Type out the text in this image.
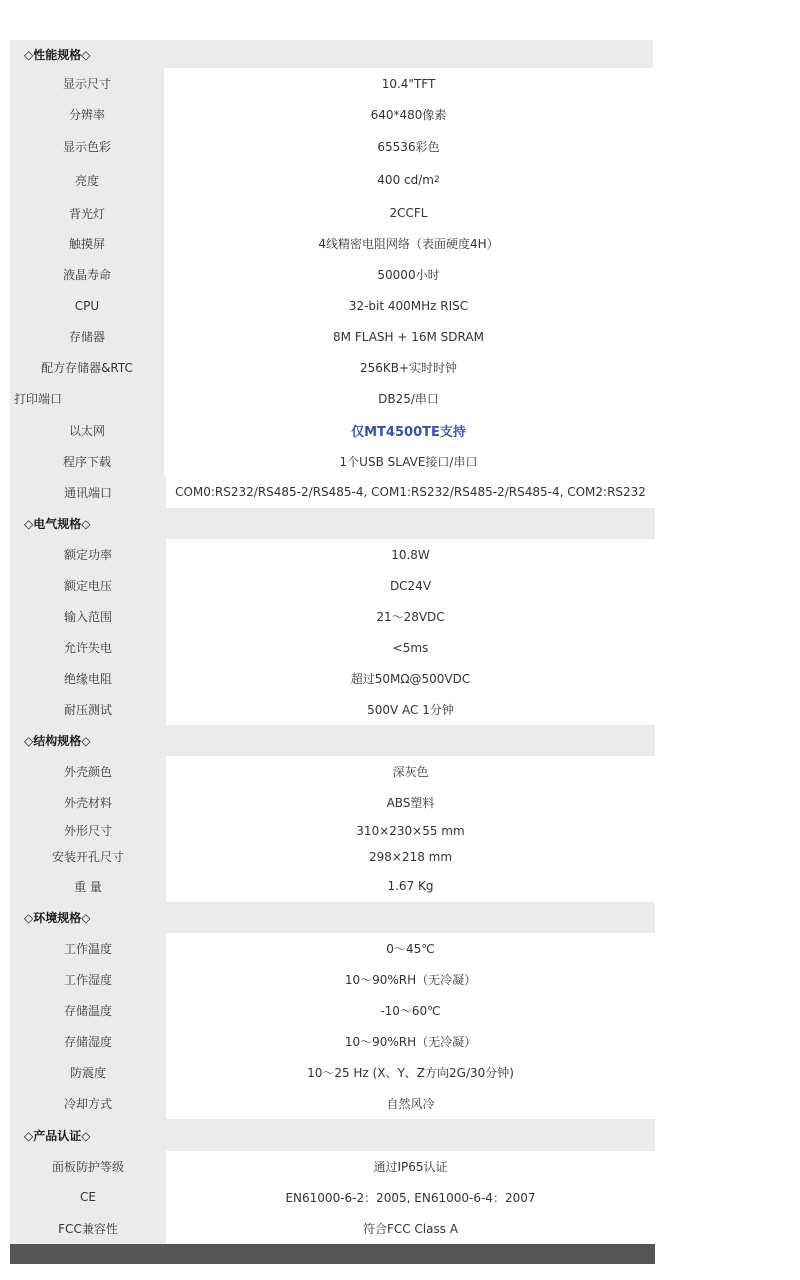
◇性能规格◇
显示尺寸	10.4"TFT
分辨率	640*480像素
显示色彩	65536彩色
亮度	400 cd/m 2
背光灯	2CCFL
触摸屏	4线精密电阻网络（表面硬度4H）
液晶寿命	50000小时
CPU	32-bit 400MHz RISC
存储器	8M FLASH + 16M SDRAM
配方存储器&RTC	256KB+实时时钟
打印端口	DB25/串口
以太网	仅MT4500TE支持
程序下载	1个USB SLAVE接口/串口
通讯端口	COM0:RS232/RS485-2/RS485-4, COM1:RS232/RS485-2/RS485-4, COM2:RS232
◇电气规格◇
额定功率	10.8W
额定电压	DC24V
输入范围	21～28VDC
允许失电	<5ms
绝缘电阻	超过50MΩ@500VDC
耐压测试	500V AC 1分钟
◇结构规格◇
外壳颜色	深灰色
外壳材料	ABS塑料
外形尺寸	310×230×55 mm
安装开孔尺寸	298×218 mm
重 量	1.67 Kg
◇环境规格◇
工作温度	0～45℃
工作湿度	10～90%RH（无冷凝）
存储温度	-10～60℃
存储湿度	10～90%RH（无冷凝）
防震度	10～25 Hz (X、Y、Z方向2G/30分钟)
冷却方式	自然风冷
◇产品认证◇
面板防护等级	通过IP65认证
CE	EN61000-6-2：2005, EN61000-6-4：2007
FCC兼容性	符合FCC Class A
